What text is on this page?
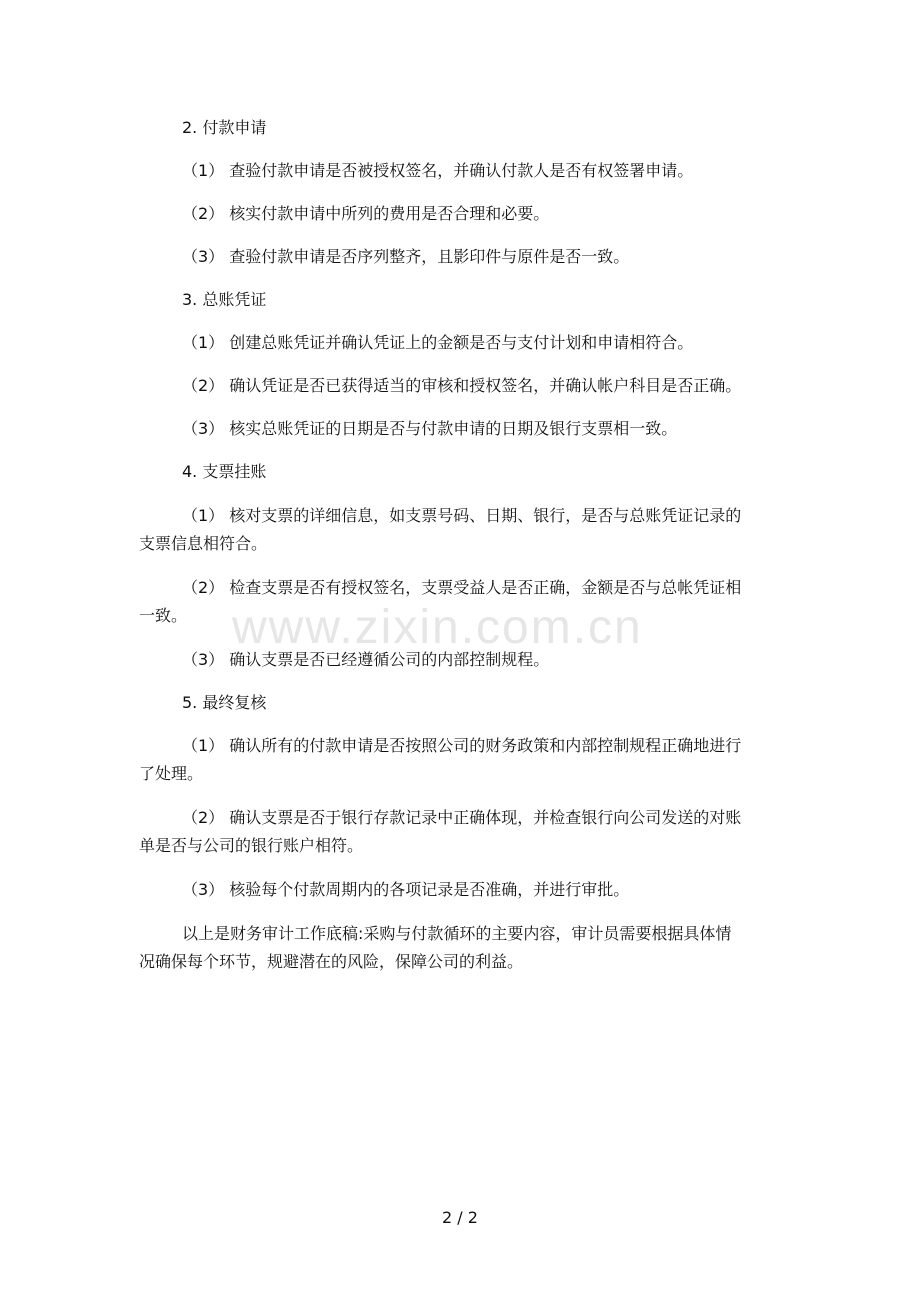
2. 付款申请
（1） 查验付款申请是否被授权签名，并确认付款人是否有权签署申请。
（2） 核实付款申请中所列的费用是否合理和必要。
（3） 查验付款申请是否序列整齐，且影印件与原件是否一致。
3. 总账凭证
（1） 创建总账凭证并确认凭证上的金额是否与支付计划和申请相符合。
（2） 确认凭证是否已获得适当的审核和授权签名，并确认帐户科目是否正确。
（3） 核实总账凭证的日期是否与付款申请的日期及银行支票相一致。
4. 支票挂账
（1） 核对支票的详细信息，如支票号码、日期、银行，是否与总账凭证记录的
支票信息相符合。
（2） 检查支票是否有授权签名，支票受益人是否正确，金额是否与总帐凭证相
一致。
（3） 确认支票是否已经遵循公司的内部控制规程。
5. 最终复核
（1） 确认所有的付款申请是否按照公司的财务政策和内部控制规程正确地进行
了处理。
（2） 确认支票是否于银行存款记录中正确体现，并检查银行向公司发送的对账
单是否与公司的银行账户相符。
（3） 核验每个付款周期内的各项记录是否准确，并进行审批。
以上是财务审计工作底稿:采购与付款循环的主要内容，审计员需要根据具体情
况确保每个环节，规避潜在的风险，保障公司的利益。
www.zixin.com.cn
2 / 2
